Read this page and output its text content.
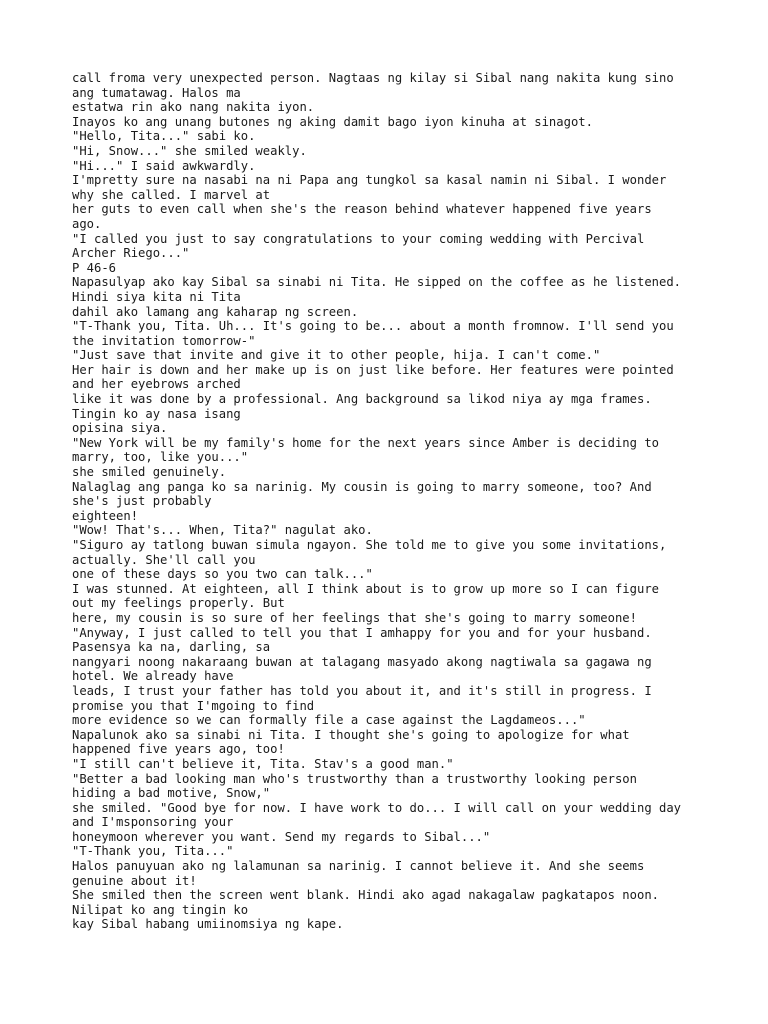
call froma very unexpected person. Nagtaas ng kilay si Sibal nang nakita kung sino
ang tumatawag. Halos ma
estatwa rin ako nang nakita iyon.
Inayos ko ang unang butones ng aking damit bago iyon kinuha at sinagot.
"Hello, Tita..." sabi ko.
"Hi, Snow..." she smiled weakly.
"Hi..." I said awkwardly.
I'mpretty sure na nasabi na ni Papa ang tungkol sa kasal namin ni Sibal. I wonder
why she called. I marvel at
her guts to even call when she's the reason behind whatever happened five years
ago.
"I called you just to say congratulations to your coming wedding with Percival
Archer Riego..."
P 46-6
Napasulyap ako kay Sibal sa sinabi ni Tita. He sipped on the coffee as he listened.
Hindi siya kita ni Tita
dahil ako lamang ang kaharap ng screen.
"T-Thank you, Tita. Uh... It's going to be... about a month fromnow. I'll send you
the invitation tomorrow-"
"Just save that invite and give it to other people, hija. I can't come."
Her hair is down and her make up is on just like before. Her features were pointed
and her eyebrows arched
like it was done by a professional. Ang background sa likod niya ay mga frames.
Tingin ko ay nasa isang
opisina siya.
"New York will be my family's home for the next years since Amber is deciding to
marry, too, like you..."
she smiled genuinely.
Nalaglag ang panga ko sa narinig. My cousin is going to marry someone, too? And
she's just probably
eighteen!
"Wow! That's... When, Tita?" nagulat ako.
"Siguro ay tatlong buwan simula ngayon. She told me to give you some invitations,
actually. She'll call you
one of these days so you two can talk..."
I was stunned. At eighteen, all I think about is to grow up more so I can figure
out my feelings properly. But
here, my cousin is so sure of her feelings that she's going to marry someone!
"Anyway, I just called to tell you that I amhappy for you and for your husband.
Pasensya ka na, darling, sa
nangyari noong nakaraang buwan at talagang masyado akong nagtiwala sa gagawa ng
hotel. We already have
leads, I trust your father has told you about it, and it's still in progress. I
promise you that I'mgoing to find
more evidence so we can formally file a case against the Lagdameos..."
Napalunok ako sa sinabi ni Tita. I thought she's going to apologize for what
happened five years ago, too!
"I still can't believe it, Tita. Stav's a good man."
"Better a bad looking man who's trustworthy than a trustworthy looking person
hiding a bad motive, Snow,"
she smiled. "Good bye for now. I have work to do... I will call on your wedding day
and I'msponsoring your
honeymoon wherever you want. Send my regards to Sibal..."
"T-Thank you, Tita..."
Halos panuyuan ako ng lalamunan sa narinig. I cannot believe it. And she seems
genuine about it!
She smiled then the screen went blank. Hindi ako agad nakagalaw pagkatapos noon.
Nilipat ko ang tingin ko
kay Sibal habang umiinomsiya ng kape.
